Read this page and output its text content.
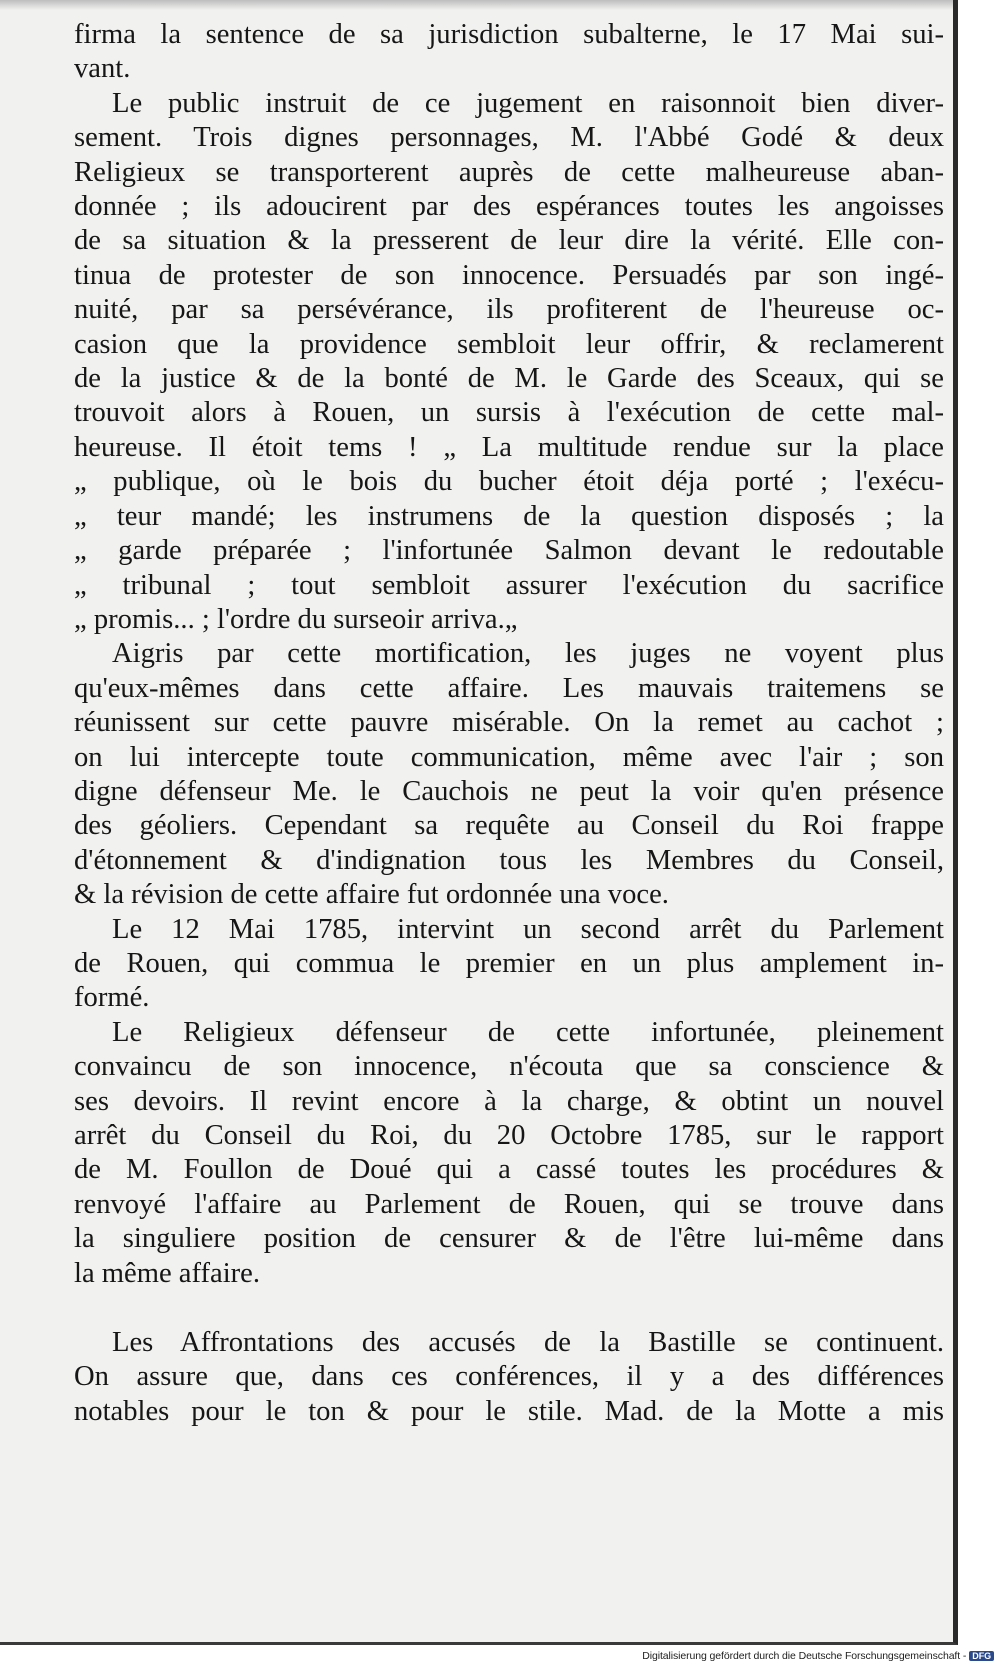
firma la sentence de sa jurisdiction subalterne, le 17 Mai sui-
vant.
Le public instruit de ce jugement en raisonnoit bien diver-
sement. Trois dignes personnages, M. l'Abbé Godé & deux
Religieux se transporterent auprès de cette malheureuse aban-
donnée ; ils adoucirent par des espérances toutes les angoisses
de sa situation & la presserent de leur dire la vérité. Elle con-
tinua de protester de son innocence. Persuadés par son ingé-
nuité, par sa persévérance, ils profiterent de l'heureuse oc-
casion que la providence sembloit leur offrir, & reclamerent
de la justice & de la bonté de M. le Garde des Sceaux, qui se
trouvoit alors à Rouen, un sursis à l'exécution de cette mal-
heureuse. Il étoit tems ! „ La multitude rendue sur la place
„ publique, où le bois du bucher étoit déja porté ; l'exécu-
„ teur mandé; les instrumens de la question disposés ; la
„ garde préparée ; l'infortunée Salmon devant le redoutable
„ tribunal ; tout sembloit assurer l'exécution du sacrifice
„ promis... ; l'ordre du surseoir arriva.„
Aigris par cette mortification, les juges ne voyent plus
qu'eux-mêmes dans cette affaire. Les mauvais traitemens se
réunissent sur cette pauvre misérable. On la remet au cachot ;
on lui intercepte toute communication, même avec l'air ; son
digne défenseur Me. le Cauchois ne peut la voir qu'en présence
des géoliers. Cependant sa requête au Conseil du Roi frappe
d'étonnement & d'indignation tous les Membres du Conseil,
& la révision de cette affaire fut ordonnée una voce.
Le 12 Mai 1785, intervint un second arrêt du Parlement
de Rouen, qui commua le premier en un plus amplement in-
formé.
Le Religieux défenseur de cette infortunée, pleinement
convaincu de son innocence, n'écouta que sa conscience &
ses devoirs. Il revint encore à la charge, & obtint un nouvel
arrêt du Conseil du Roi, du 20 Octobre 1785, sur le rapport
de M. Foullon de Doué qui a cassé toutes les procédures &
renvoyé l'affaire au Parlement de Rouen, qui se trouve dans
la singuliere position de censurer & de l'être lui-même dans
la même affaire.
Les Affrontations des accusés de la Bastille se continuent.
On assure que, dans ces conférences, il y a des différences
notables pour le ton & pour le stile. Mad. de la Motte a mis
Digitalisierung gefördert durch die Deutsche Forschungsgemeinschaft - DFG
